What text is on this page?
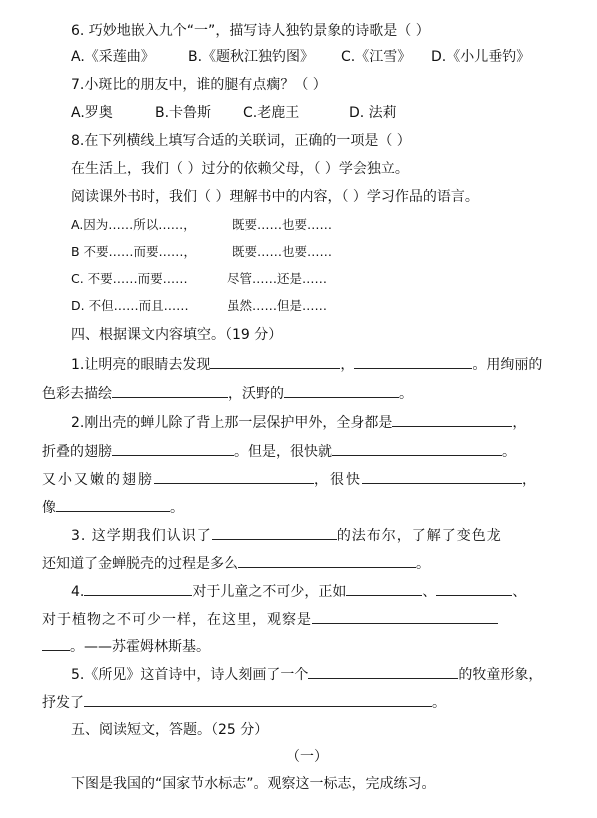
6. 巧妙地嵌入九个“一”，描写诗人独钓景象的诗歌是（ ）
A.《采莲曲》 B.《题秋江独钓图》 C.《江雪》 D.《小儿垂钓》
7.小斑比的朋友中，谁的腿有点瘸？（ ）
A.罗奥	B.卡鲁斯 C.老鹿王	D. 法莉
8.在下列横线上填写合适的关联词，正确的一项是（ ）
在生活上，我们（ ）过分的依赖父母，（ ）学会独立。
阅读课外书时，我们（ ）理解书中的内容，（ ）学习作品的语言。
A.因为……所以……，	既要……也要……
B 不要……而要……，	既要……也要……
C. 不要……而要……	尽管……还是……
D. 不但……而且……	虽然……但是……
四、根据课文内容填空。（19 分）
1.让明亮的眼睛去发现	，	。用绚丽的
色彩去描绘	，沃野的	。
2.刚出壳的蝉儿除了背上那一层保护甲外，全身都是	，
折叠的翅膀	。但是，很快就	。
又小又嫩的翅膀	，很快	，
像	。
3. 这学期我们认识了	的法布尔，了解了变色龙
还知道了金蝉脱壳的过程是多么	。
4.	对于儿童之不可少，正如	、	、
对于植物之不可少一样，在这里，观察是
。——苏霍姆林斯基。
5.《所见》这首诗中，诗人刻画了一个	的牧童形象，
抒发了	。
五、阅读短文，答题。（25 分）
（一）
下图是我国的“国家节水标志”。观察这一标志，完成练习。
